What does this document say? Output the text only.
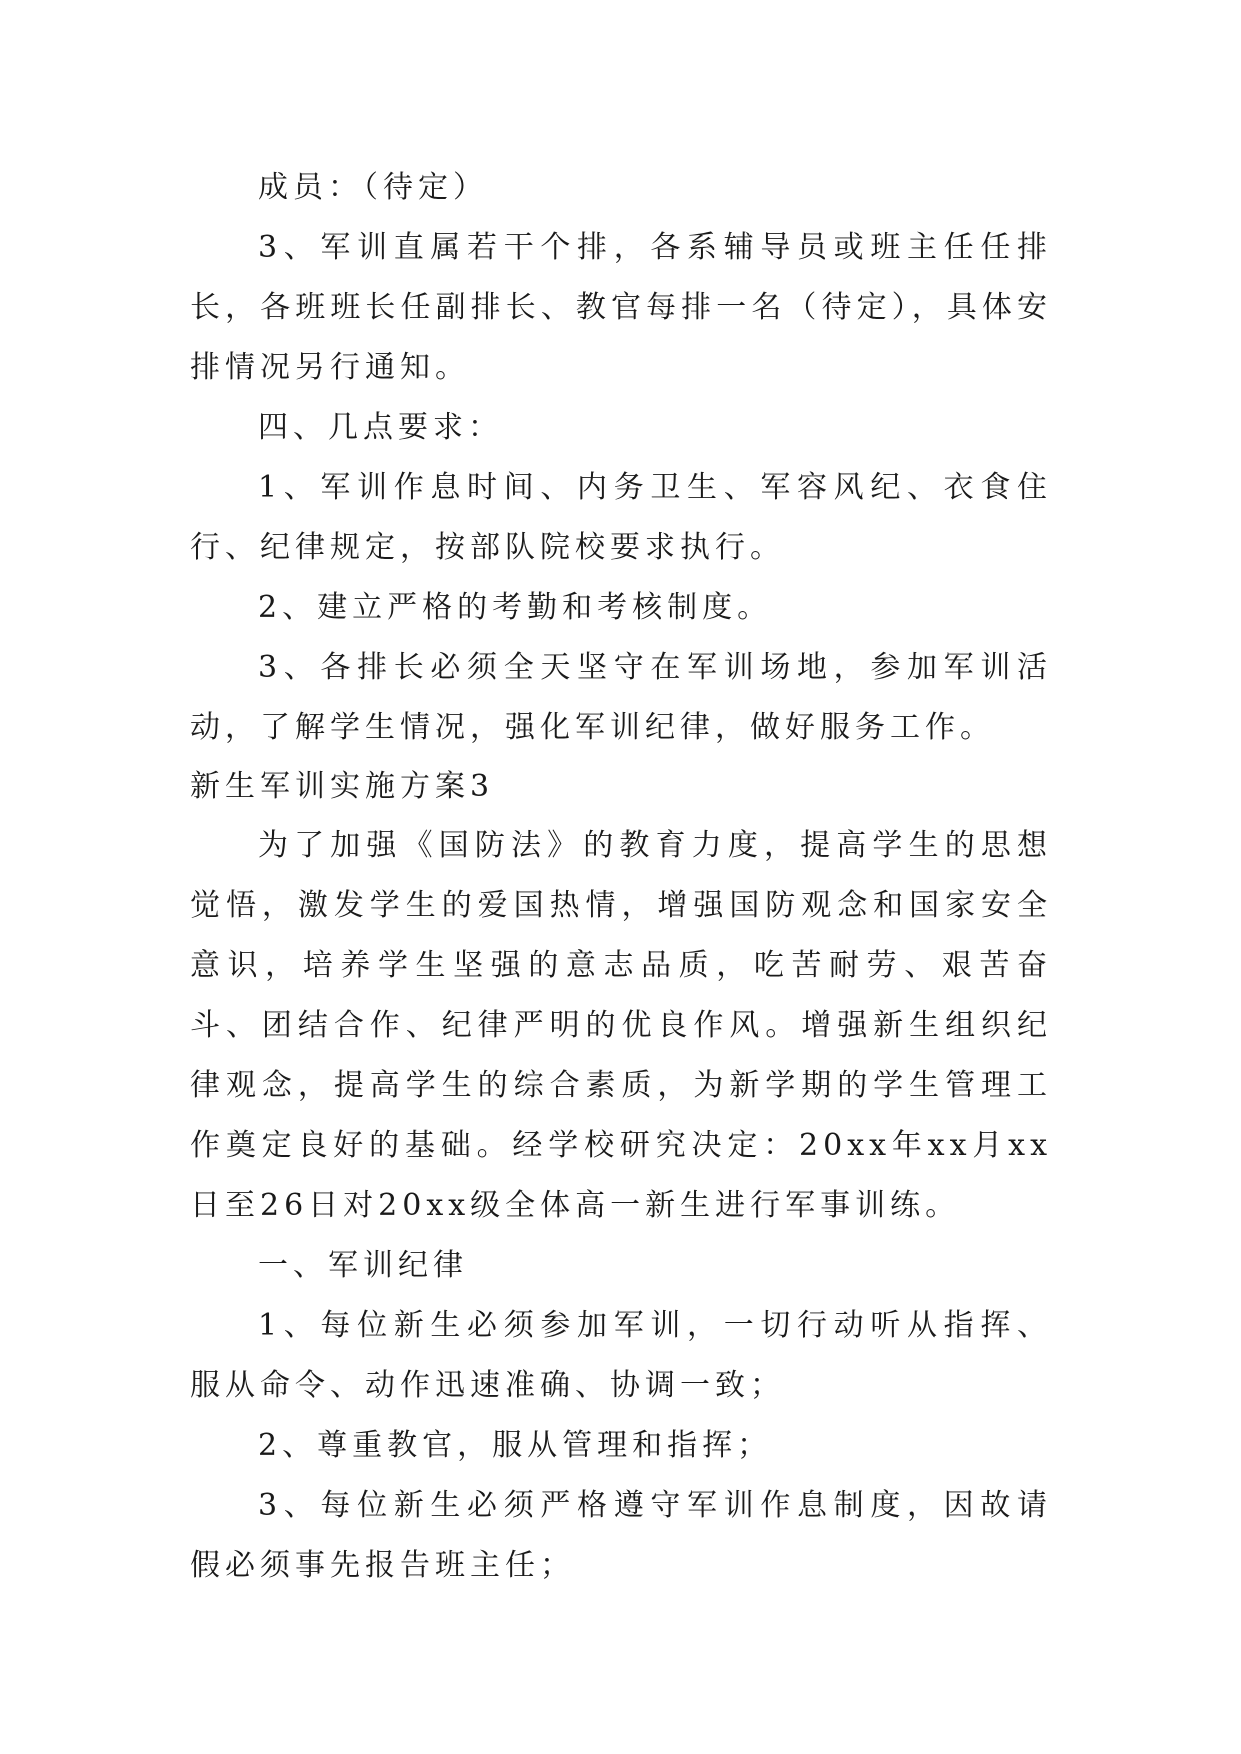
成员：（待定）

3、军训直属若干个排，各系辅导员或班主任任排长，各班班长任副排长、教官每排一名（待定），具体安排情况另行通知。

四、几点要求：

1、军训作息时间、内务卫生、军容风纪、衣食住行、纪律规定，按部队院校要求执行。

2、建立严格的考勤和考核制度。

3、各排长必须全天坚守在军训场地，参加军训活动，了解学生情况，强化军训纪律，做好服务工作。

新生军训实施方案3

为了加强《国防法》的教育力度，提高学生的思想觉悟，激发学生的爱国热情，增强国防观念和国家安全意识，培养学生坚强的意志品质，吃苦耐劳、艰苦奋斗、团结合作、纪律严明的优良作风。增强新生组织纪律观念，提高学生的综合素质，为新学期的学生管理工作奠定良好的基础。经学校研究决定：20xx年xx月xx日至26日对20xx级全体高一新生进行军事训练。

一、军训纪律

1、每位新生必须参加军训，一切行动听从指挥、服从命令、动作迅速准确、协调一致；

2、尊重教官，服从管理和指挥；

3、每位新生必须严格遵守军训作息制度，因故请假必须事先报告班主任；
